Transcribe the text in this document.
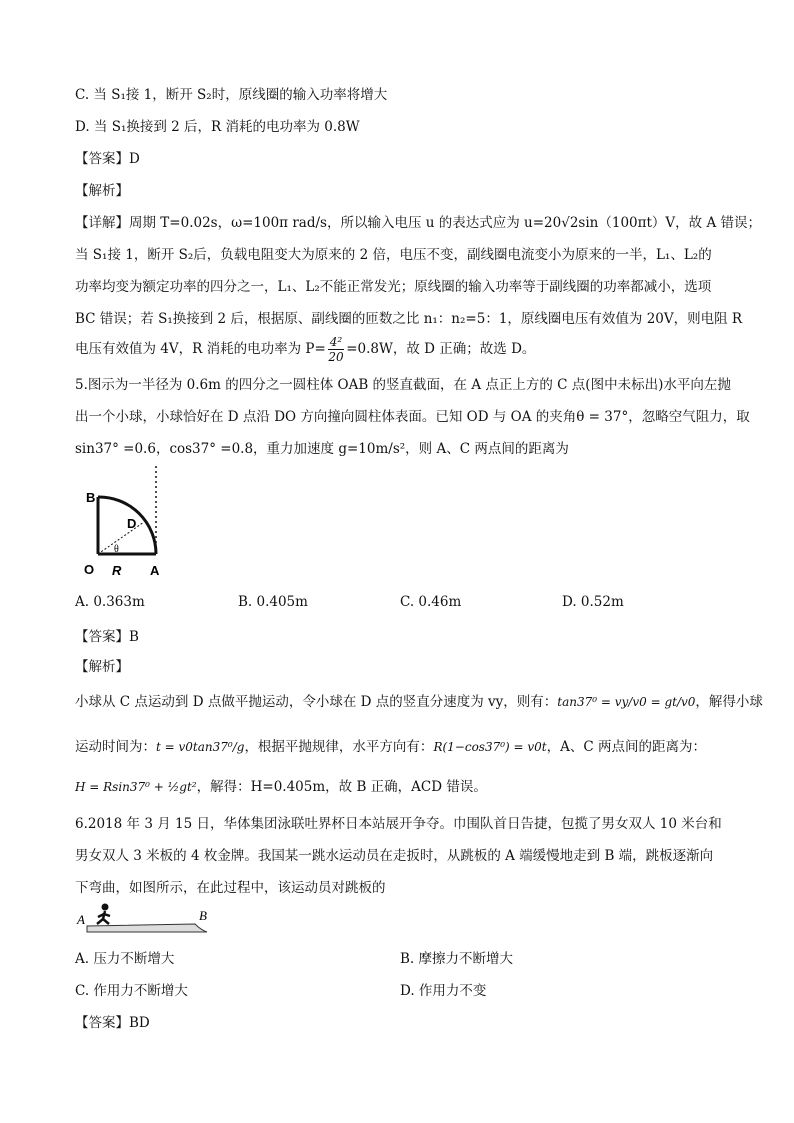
C. 当 S₁接 1，断开 S₂时，原线圈的输入功率将增大
D. 当 S₁换接到 2 后，R 消耗的电功率为 0.8W
【答案】D
【解析】
【详解】周期 T=0.02s，ω=100π rad/s，所以输入电压 u 的表达式应为 u=20√2sin（100πt）V，故 A 错误；
当 S₁接 1，断开 S₂后，负载电阻变大为原来的 2 倍，电压不变，副线圈电流变小为原来的一半，L₁、L₂的
功率均变为额定功率的四分之一，L₁、L₂不能正常发光；原线圈的输入功率等于副线圈的功率都减小，选项
BC 错误；若 S₁换接到 2 后，根据原、副线圈的匝数之比 n₁：n₂=5：1，原线圈电压有效值为 20V，则电阻 R
电压有效值为 4V，R 消耗的电功率为 $P= \frac{\text{4²}}{20} =0.8W$，故 D 正确；故选 D。
5.图示为一半径为 0.6m 的四分之一圆柱体 OAB 的竖直截面，在 A 点正上方的 C 点(图中未标出)水平向左抛
出一个小球，小球恰好在 D 点沿 DO 方向撞向圆柱体表面。已知 OD 与 OA 的夹角θ = 37°，忽略空气阻力，取
sin37° =0.6，cos37° =0.8，重力加速度 g=10m/s²，则 A、C 两点间的距离为
B
D
θ
O R A
A. 0.363m	B. 0.405m	C. 0.46m	D. 0.52m
【答案】B
【解析】
小球从 C 点运动到 D 点做平抛运动，令小球在 D 点的竖直分速度为 vy，则有：tan37⁰ = vy/v0 = gt/v0，解得小球
运动时间为：t = v0tan37⁰/g，根据平抛规律，水平方向有：R(1−cos37⁰) = v0t，A、C 两点间的距离为：
H = Rsin37⁰ + ½gt²，解得：H=0.405m，故 B 正确，ACD 错误。
6.2018 年 3 月 15 日，华体集团泳联吐界杯日本站展开争夺。巾围队首日告捷，包揽了男女双人 10 米台和
男女双人 3 米板的 4 枚金牌。我国某一跳水运动员在走扳时，从跳板的 A 端缓慢地走到 B 端，跳板逐渐向
下弯曲，如图所示，在此过程中，该运动员对跳板的
A	B
A. 压力不断增大	B. 摩擦力不断增大
C. 作用力不断增大	D. 作用力不变
【答案】BD
